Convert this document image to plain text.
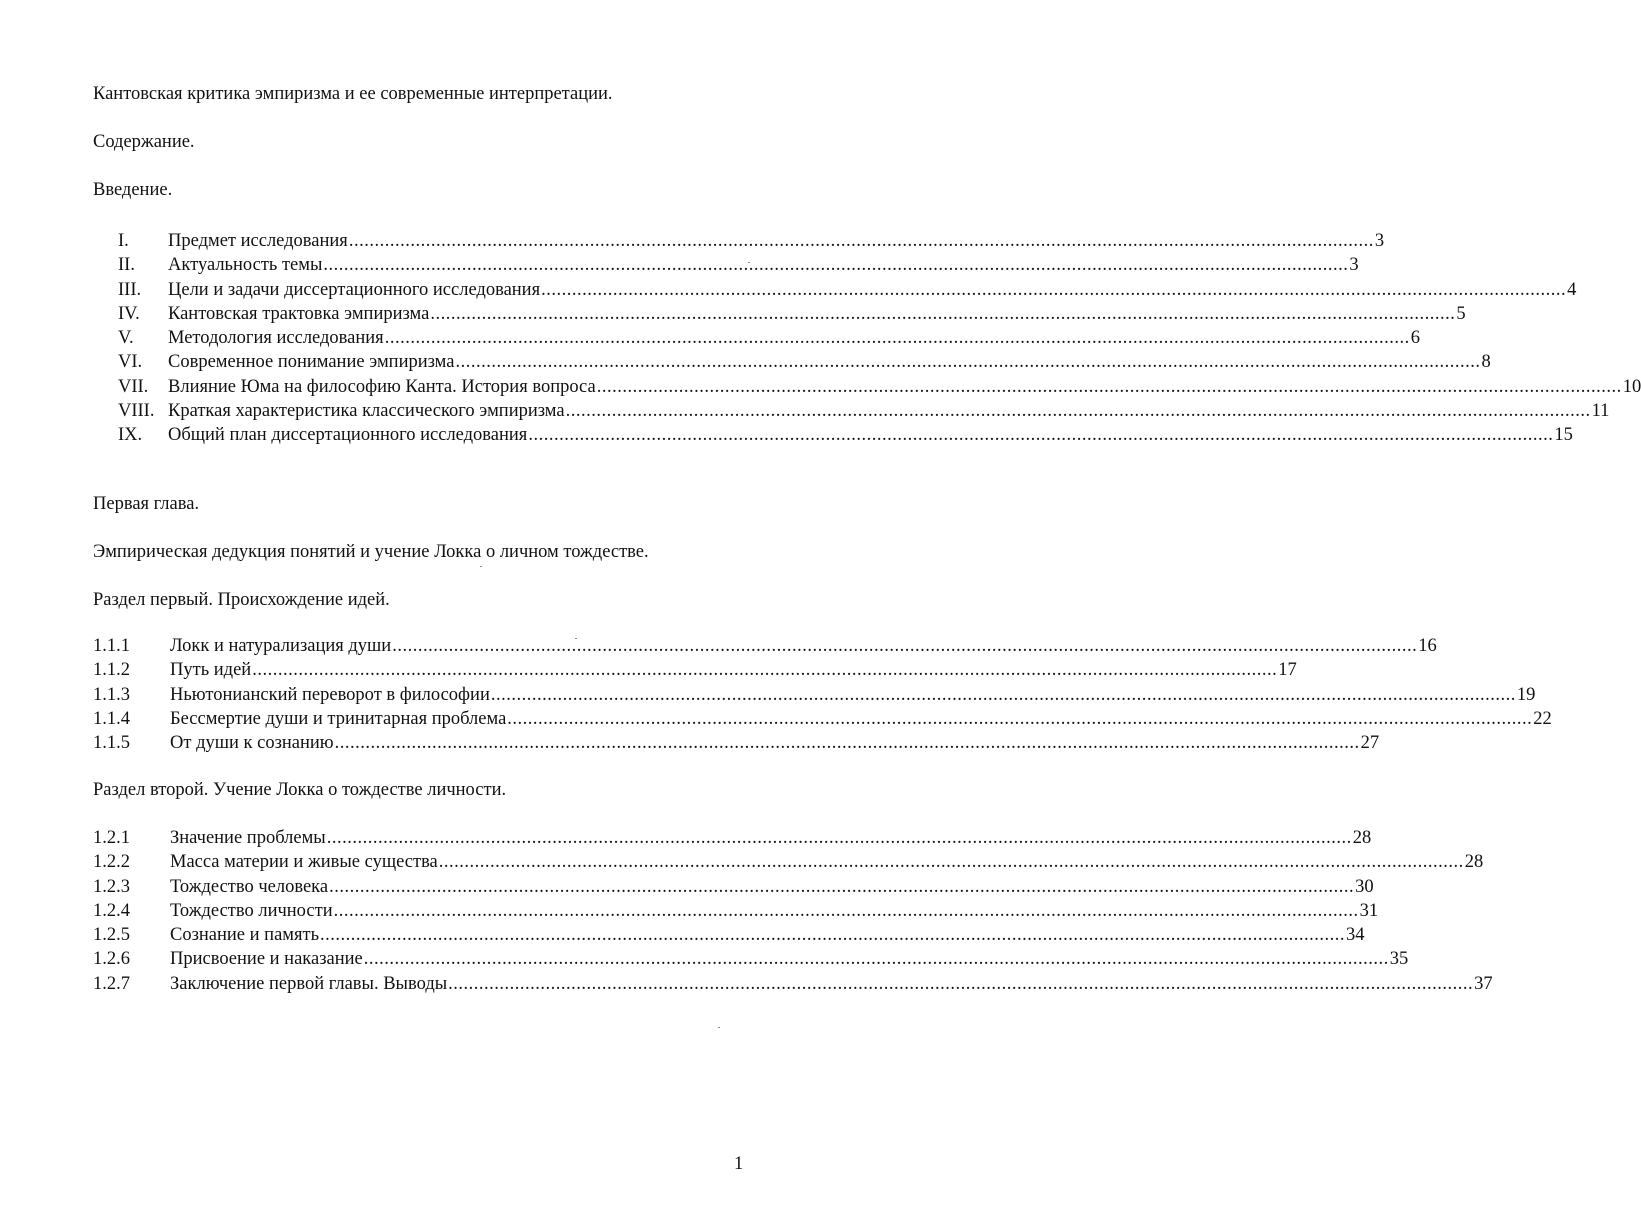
Кантовская критика эмпиризма и ее современные интерпретации.
Содержание.
Введение.
I.	Предмет исследования .....	3
II.	Актуальность темы .....	3
III.	Цели и задачи диссертационного исследования .....	4
IV.	Кантовская трактовка эмпиризма .....	5
V.	Методология исследования .....	6
VI.	Современное понимание эмпиризма .....	8
VII.	Влияние Юма на философию Канта. История вопроса .....	10
VIII. Краткая характеристика классического эмпиризма .....	11
IX.	Общий план диссертационного исследования .....	15
Первая глава.
Эмпирическая дедукция понятий и учение Локка о личном тождестве.
Раздел первый. Происхождение идей.
1.1.1	Локк и натурализация души .....	16
1.1.2	Путь идей .....	17
1.1.3	Ньютонианский переворот в философии .....	19
1.1.4	Бессмертие души и тринитарная проблема .....	22
1.1.5	От души к сознанию .....	27
Раздел второй. Учение Локка о тождестве личности.
1.2.1	Значение проблемы .....	28
1.2.2	Масса материи и живые существа .....	28
1.2.3	Тождество человека .....	30
1.2.4	Тождество личности .....	31
1.2.5	Сознание и память .....	34
1.2.6	Присвоение и наказание .....	35
1.2.7	Заключение первой главы. Выводы .....	37
1
